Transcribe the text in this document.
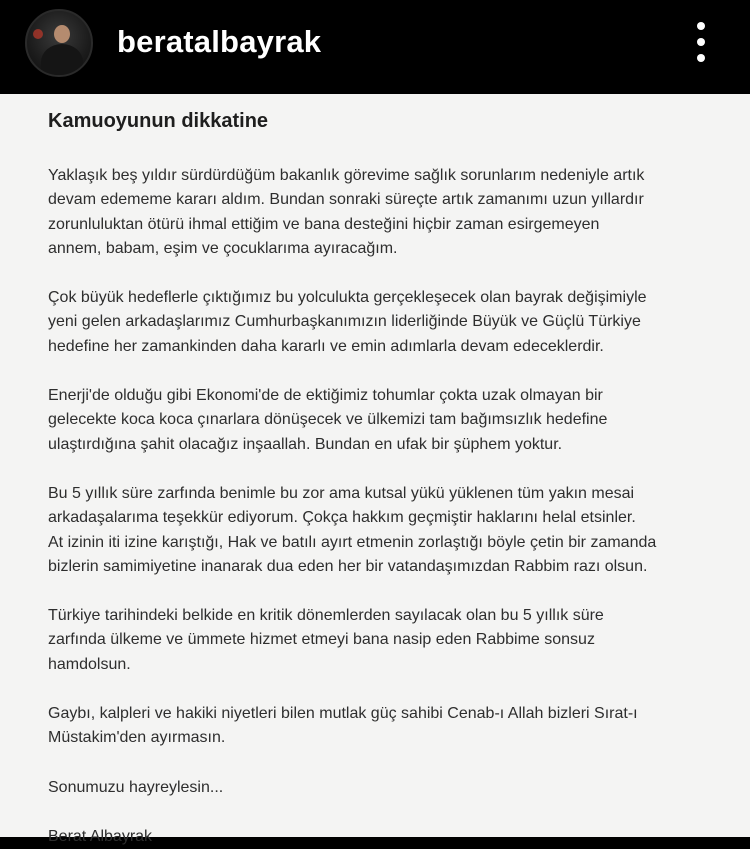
beratalbayrak
Kamuoyunun dikkatine
Yaklaşık beş yıldır sürdürdüğüm bakanlık görevime sağlık sorunlarım nedeniyle artık
devam edememe kararı aldım. Bundan sonraki süreçte artık zamanımı uzun yıllardır
zorunluluktan ötürü ihmal ettiğim ve bana desteğini hiçbir zaman esirgemeyen
annem, babam, eşim ve çocuklarıma ayıracağım.
Çok büyük hedeflerle çıktığımız bu yolculukta gerçekleşecek olan bayrak değişimiyle
yeni gelen arkadaşlarımız Cumhurbaşkanımızın liderliğinde Büyük ve Güçlü Türkiye
hedefine her zamankinden daha kararlı ve emin adımlarla devam edeceklerdir.
Enerji'de olduğu gibi Ekonomi'de de ektiğimiz tohumlar çokta uzak olmayan bir
gelecekte koca koca çınarlara dönüşecek ve ülkemizi tam bağımsızlık hedefine
ulaştırdığına şahit olacağız inşaallah. Bundan en ufak bir şüphem yoktur.
Bu 5 yıllık süre zarfında benimle bu zor ama kutsal yükü yüklenen tüm yakın mesai
arkadaşalarıma teşekkür ediyorum. Çokça hakkım geçmiştir haklarını helal etsinler.
At izinin iti izine karıştığı, Hak ve batılı ayırt etmenin zorlaştığı böyle çetin bir zamanda
bizlerin samimiyetine inanarak dua eden her bir vatandaşımızdan Rabbim razı olsun.
Türkiye tarihindeki belkide en kritik dönemlerden sayılacak olan bu 5 yıllık süre
zarfında ülkeme ve ümmete hizmet etmeyi bana nasip eden Rabbime sonsuz
hamdolsun.
Gaybı, kalpleri ve hakiki niyetleri bilen mutlak güç sahibi Cenab-ı Allah bizleri Sırat-ı
Müstakim'den ayırmasın.
Sonumuzu hayreylesin...
Berat Albayrak
